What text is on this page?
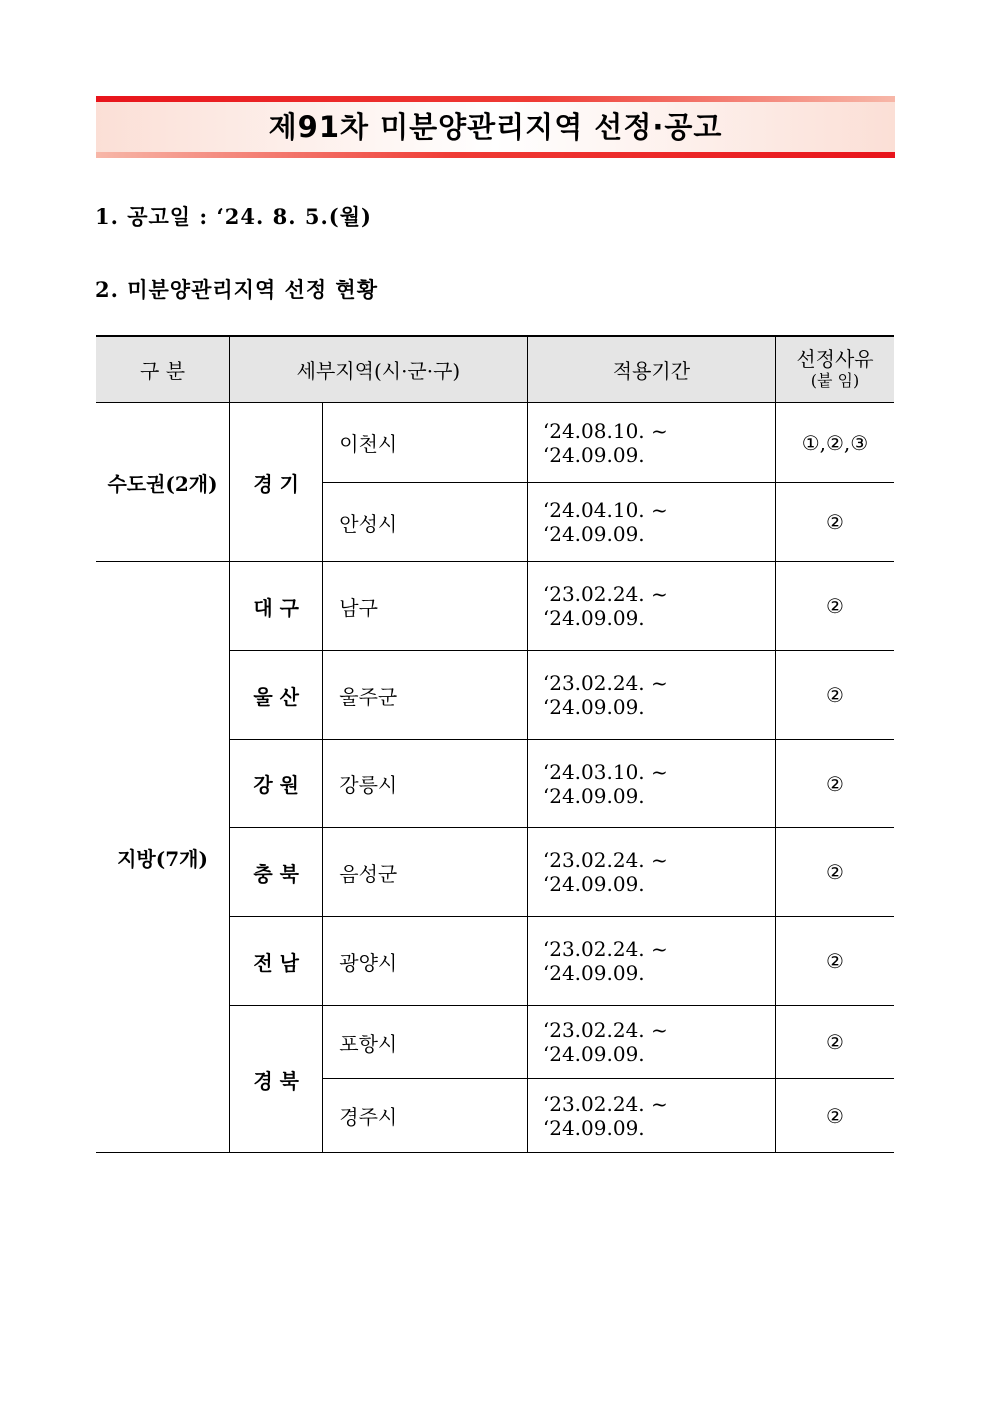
제91차 미분양관리지역 선정·공고
1. 공고일 : ‘24. 8. 5.(월)
2. 미분양관리지역 선정 현황
구 분	세부지역(시·군·구)		적용기간	선정사유
(붙 임)

수도권(2개)	경 기	이천시	‘24.08.10. ~ ‘24.09.09.	①,②,③
		안성시	‘24.04.10. ~ ‘24.09.09.	②
지방(7개)	대 구	남구	‘23.02.24. ~ ‘24.09.09.	②
	울 산	울주군	‘23.02.24. ~ ‘24.09.09.	②
	강 원	강릉시	‘24.03.10. ~ ‘24.09.09.	②
	충 북	음성군	‘23.02.24. ~ ‘24.09.09.	②
	전 남	광양시	‘23.02.24. ~ ‘24.09.09.	②
	경 북	포항시	‘23.02.24. ~ ‘24.09.09.	②
		경주시	‘23.02.24. ~ ‘24.09.09.	②
